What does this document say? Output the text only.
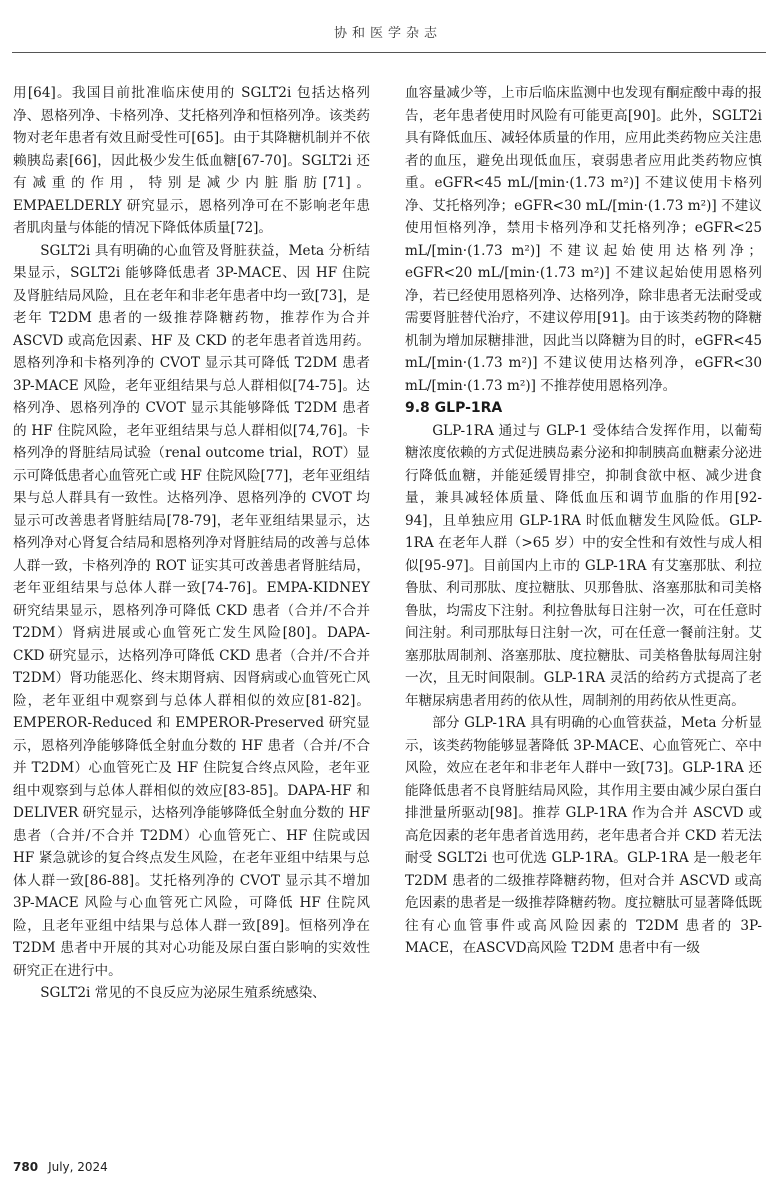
协和医学杂志

用[64]。我国目前批准临床使用的 SGLT2i 包括达格列净、恩格列净、卡格列净、艾托格列净和恒格列净。该类药物对老年患者有效且耐受性可[65]。由于其降糖机制并不依赖胰岛素[66]，因此极少发生低血糖[67-70]。SGLT2i 还有减重的作用，特别是减少内脏脂肪[71]。EMPAELDERLY 研究显示，恩格列净可在不影响老年患者肌肉量与体能的情况下降低体质量[72]。

SGLT2i 具有明确的心血管及肾脏获益，Meta 分析结果显示，SGLT2i 能够降低患者 3P-MACE、因 HF 住院及肾脏结局风险，且在老年和非老年患者中均一致[73]，是老年 T2DM 患者的一级推荐降糖药物，推荐作为合并 ASCVD 或高危因素、HF 及 CKD 的老年患者首选用药。恩格列净和卡格列净的 CVOT 显示其可降低 T2DM 患者 3P-MACE 风险，老年亚组结果与总人群相似[74-75]。达格列净、恩格列净的 CVOT 显示其能够降低 T2DM 患者的 HF 住院风险，老年亚组结果与总人群相似[74,76]。卡格列净的肾脏结局试验（renal outcome trial，ROT）显示可降低患者心血管死亡或 HF 住院风险[77]，老年亚组结果与总人群具有一致性。达格列净、恩格列净的 CVOT 均显示可改善患者肾脏结局[78-79]，老年亚组结果显示，达格列净对心肾复合结局和恩格列净对肾脏结局的改善与总体人群一致，卡格列净的 ROT 证实其可改善患者肾脏结局，老年亚组结果与总体人群一致[74-76]。EMPA-KIDNEY 研究结果显示，恩格列净可降低 CKD 患者（合并/不合并 T2DM）肾病进展或心血管死亡发生风险[80]。DAPA-CKD 研究显示，达格列净可降低 CKD 患者（合并/不合并 T2DM）肾功能恶化、终末期肾病、因肾病或心血管死亡风险，老年亚组中观察到与总体人群相似的效应[81-82]。EMPEROR-Reduced 和 EMPEROR-Preserved 研究显示，恩格列净能够降低全射血分数的 HF 患者（合并/不合并 T2DM）心血管死亡及 HF 住院复合终点风险，老年亚组中观察到与总体人群相似的效应[83-85]。DAPA-HF 和 DELIVER 研究显示，达格列净能够降低全射血分数的 HF 患者（合并/不合并 T2DM）心血管死亡、HF 住院或因 HF 紧急就诊的复合终点发生风险，在老年亚组中结果与总体人群一致[86-88]。艾托格列净的 CVOT 显示其不增加 3P-MACE 风险与心血管死亡风险，可降低 HF 住院风险，且老年亚组中结果与总体人群一致[89]。恒格列净在 T2DM 患者中开展的其对心功能及尿白蛋白影响的实效性研究正在进行中。

SGLT2i 常见的不良反应为泌尿生殖系统感染、

血容量减少等，上市后临床监测中也发现有酮症酸中毒的报告，老年患者使用时风险有可能更高[90]。此外，SGLT2i 具有降低血压、减轻体质量的作用，应用此类药物应关注患者的血压，避免出现低血压，衰弱患者应用此类药物应慎重。eGFR<45 mL/[min·(1.73 m²)] 不建议使用卡格列净、艾托格列净；eGFR<30 mL/[min·(1.73 m²)] 不建议使用恒格列净，禁用卡格列净和艾托格列净；eGFR<25 mL/[min·(1.73 m²)] 不建议起始使用达格列净；eGFR<20 mL/[min·(1.73 m²)] 不建议起始使用恩格列净，若已经使用恩格列净、达格列净，除非患者无法耐受或需要肾脏替代治疗，不建议停用[91]。由于该类药物的降糖机制为增加尿糖排泄，因此当以降糖为目的时，eGFR<45 mL/[min·(1.73 m²)] 不建议使用达格列净，eGFR<30 mL/[min·(1.73 m²)] 不推荐使用恩格列净。

9.8 GLP-1RA

GLP-1RA 通过与 GLP-1 受体结合发挥作用，以葡萄糖浓度依赖的方式促进胰岛素分泌和抑制胰高血糖素分泌进行降低血糖，并能延缓胃排空，抑制食欲中枢、减少进食量，兼具减轻体质量、降低血压和调节血脂的作用[92-94]，且单独应用 GLP-1RA 时低血糖发生风险低。GLP-1RA 在老年人群（>65 岁）中的安全性和有效性与成人相似[95-97]。目前国内上市的 GLP-1RA 有艾塞那肽、利拉鲁肽、利司那肽、度拉糖肽、贝那鲁肽、洛塞那肽和司美格鲁肽，均需皮下注射。利拉鲁肽每日注射一次，可在任意时间注射。利司那肽每日注射一次，可在任意一餐前注射。艾塞那肽周制剂、洛塞那肽、度拉糖肽、司美格鲁肽每周注射一次，且无时间限制。GLP-1RA 灵活的给药方式提高了老年糖尿病患者用药的依从性，周制剂的用药依从性更高。

部分 GLP-1RA 具有明确的心血管获益，Meta 分析显示，该类药物能够显著降低 3P-MACE、心血管死亡、卒中风险，效应在老年和非老年人群中一致[73]。GLP-1RA 还能降低患者不良肾脏结局风险，其作用主要由减少尿白蛋白排泄量所驱动[98]。推荐 GLP-1RA 作为合并 ASCVD 或高危因素的老年患者首选用药，老年患者合并 CKD 若无法耐受 SGLT2i 也可优选 GLP-1RA。GLP-1RA 是一般老年 T2DM 患者的二级推荐降糖药物，但对合并 ASCVD 或高危因素的患者是一级推荐降糖药物。度拉糖肽可显著降低既往有心血管事件或高风险因素的 T2DM 患者的 3P-MACE，在ASCVD高风险 T2DM 患者中有一级

780 July, 2024
